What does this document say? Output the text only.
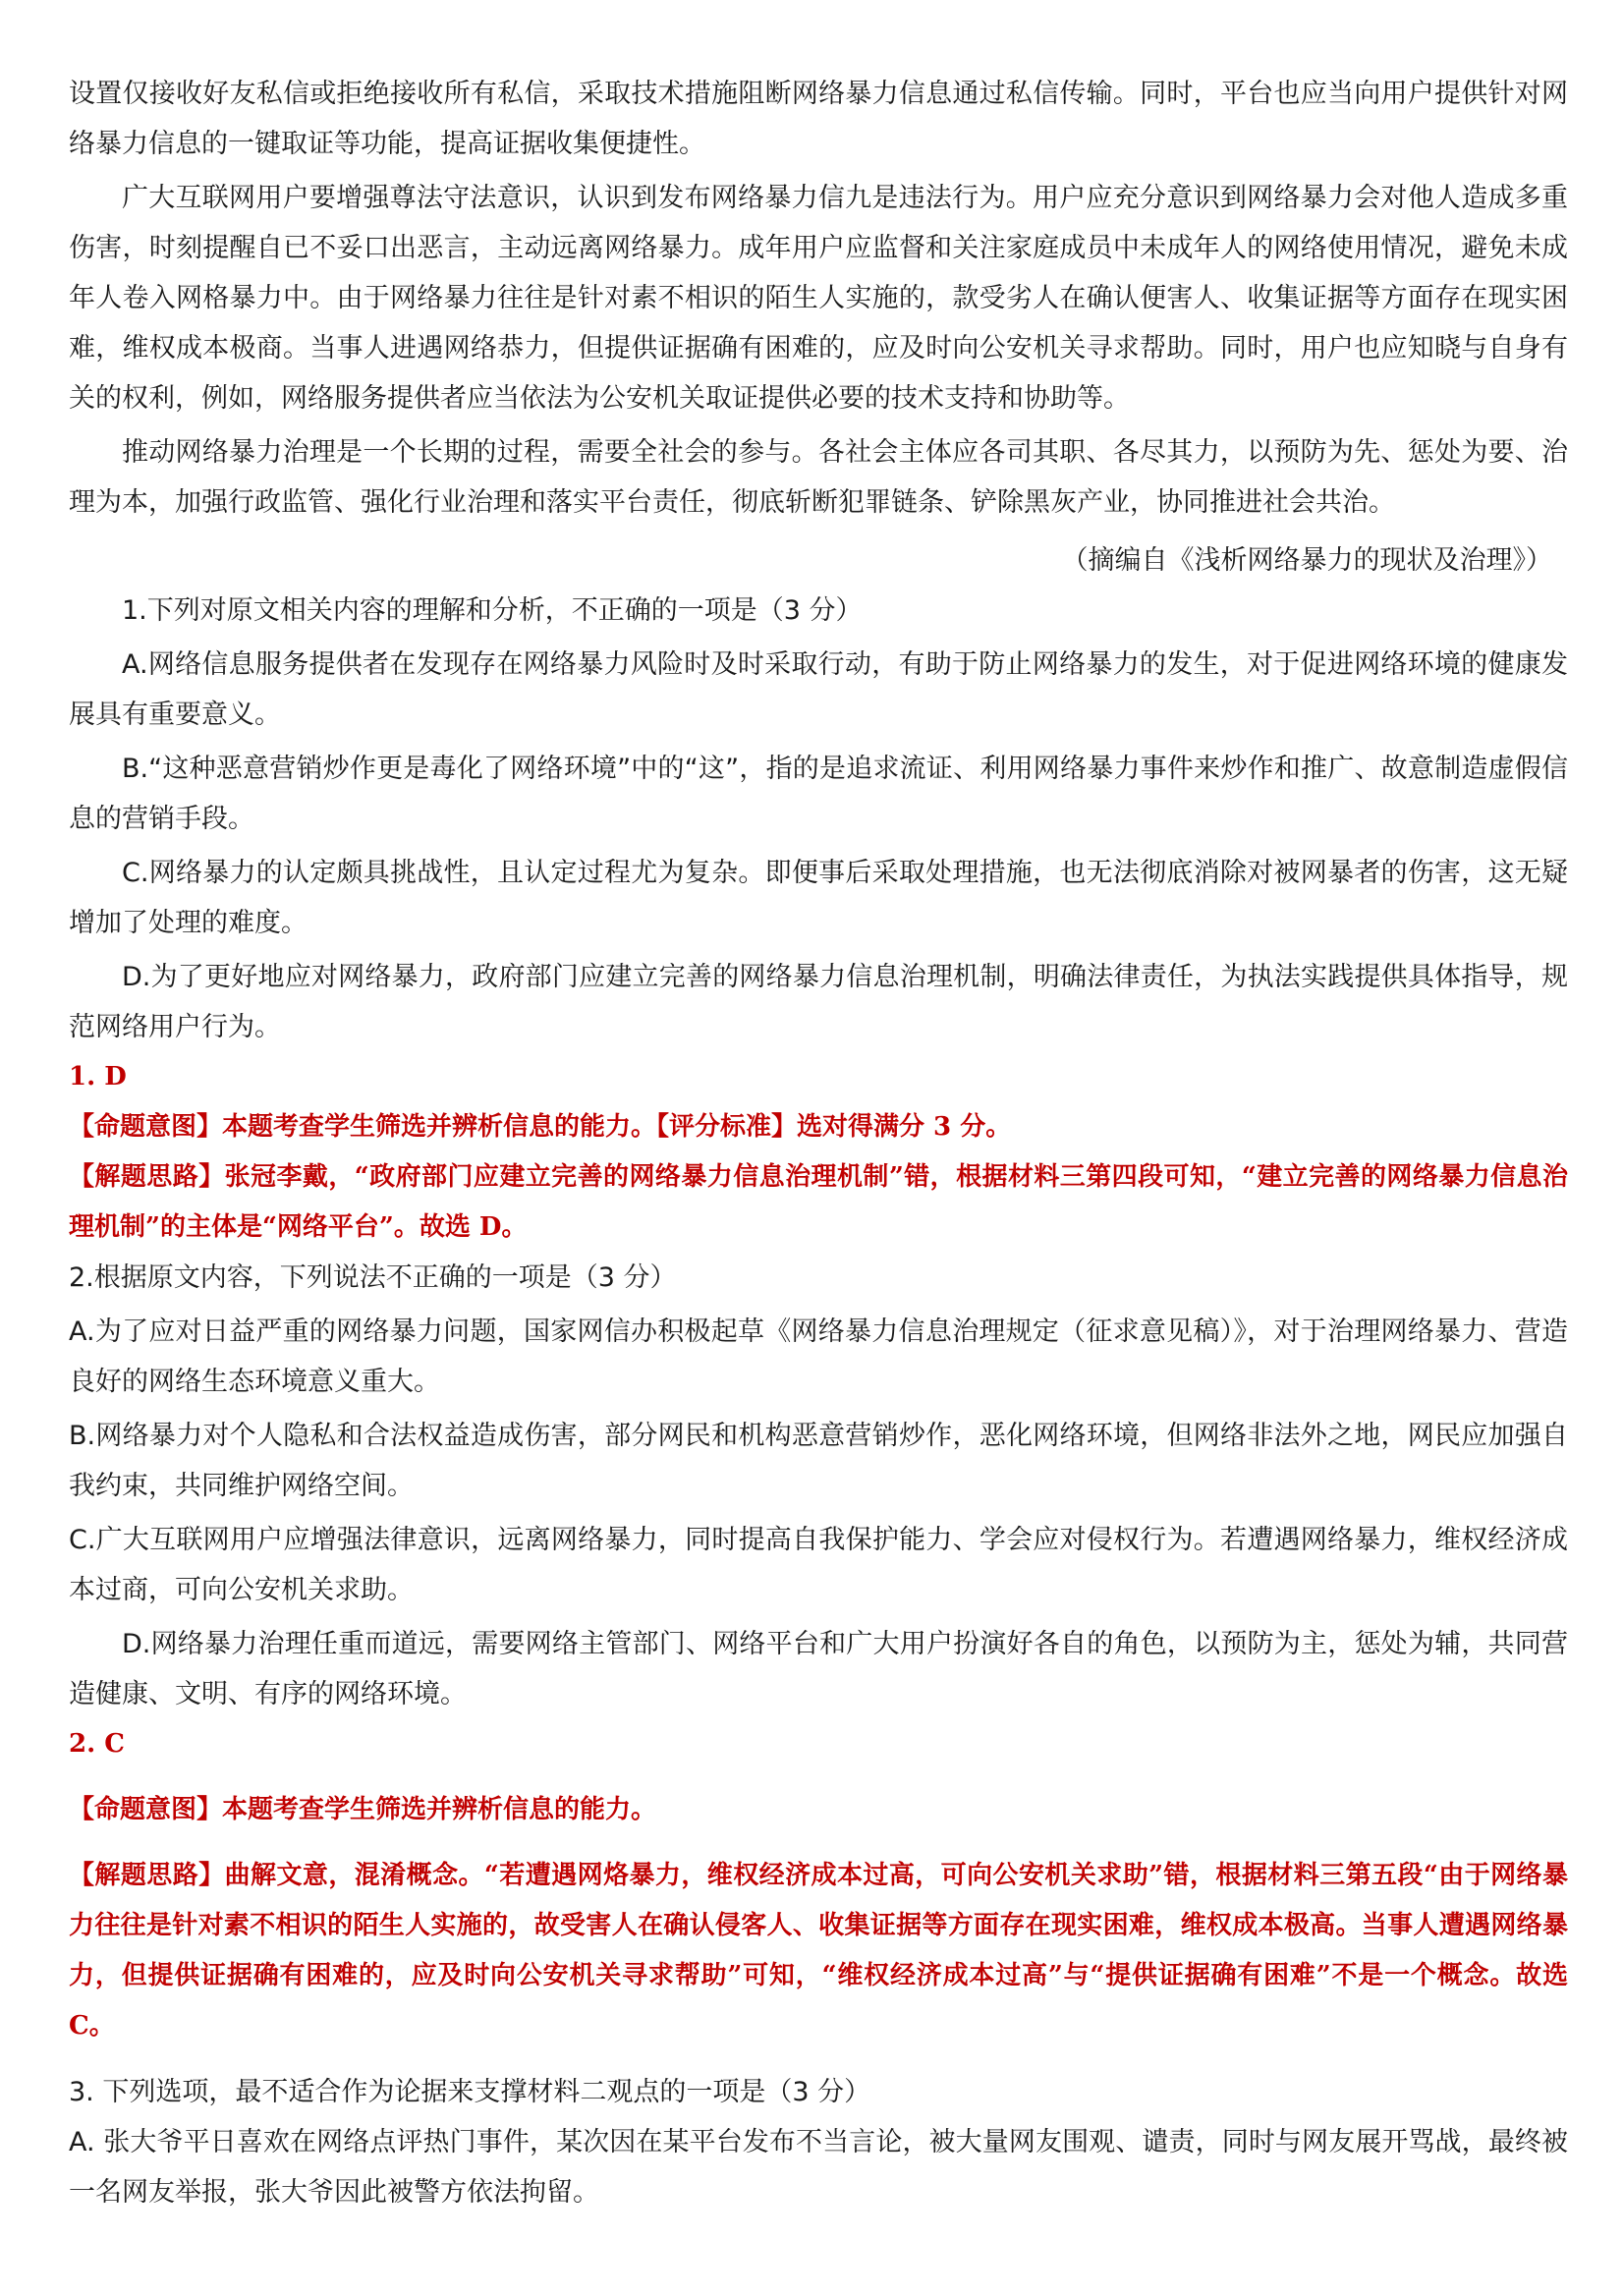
设置仅接收好友私信或拒绝接收所有私信，采取技术措施阻断网络暴力信息通过私信传输。同时，平台也应当向用户提供针对网络暴力信息的一键取证等功能，提高证据收集便捷性。

广大互联网用户要增强尊法守法意识，认识到发布网络暴力信九是违法行为。用户应充分意识到网络暴力会对他人造成多重伤害，时刻提醒自已不妥口出恶言，主动远离网络暴力。成年用户应监督和关注家庭成员中未成年人的网络使用情况，避免未成年人卷入网格暴力中。由于网络暴力往往是针对素不相识的陌生人实施的，款受劣人在确认便害人、收集证据等方面存在现实困难，维权成本极商。当事人进遇网络恭力，但提供证据确有困难的，应及时向公安机关寻求帮助。同时，用户也应知晓与自身有关的权利，例如，网络服务提供者应当依法为公安机关取证提供必要的技术支持和协助等。

推动网络暴力治理是一个长期的过程，需要全社会的参与。各社会主体应各司其职、各尽其力，以预防为先、惩处为要、治理为本，加强行政监管、强化行业治理和落实平台责任，彻底斩断犯罪链条、铲除黑灰产业，协同推进社会共治。

（摘编自《浅析网络暴力的现状及治理》）

1.下列对原文相关内容的理解和分析，不正确的一项是（3 分）

A.网络信息服务提供者在发现存在网络暴力风险时及时采取行动，有助于防止网络暴力的发生，对于促进网络环境的健康发展具有重要意义。

B.“这种恶意营销炒作更是毒化了网络环境”中的“这”，指的是追求流证、利用网络暴力事件来炒作和推广、故意制造虚假信息的营销手段。

C.网络暴力的认定颇具挑战性，且认定过程尤为复杂。即便事后采取处理措施，也无法彻底消除对被网暴者的伤害，这无疑增加了处理的难度。

D.为了更好地应对网络暴力，政府部门应建立完善的网络暴力信息治理机制，明确法律责任，为执法实践提供具体指导，规范网络用户行为。

1. D

【命题意图】本题考查学生筛选并辨析信息的能力。【评分标准】选对得满分 3 分。

【解题思路】张冠李戴，“政府部门应建立完善的网络暴力信息治理机制”错，根据材料三第四段可知，“建立完善的网络暴力信息治理机制”的主体是“网络平台”。故选 D。

2.根据原文内容，下列说法不正确的一项是（3 分）

A.为了应对日益严重的网络暴力问题，国家网信办积极起草《网络暴力信息治理规定（征求意见稿）》，对于治理网络暴力、营造良好的网络生态环境意义重大。

B.网络暴力对个人隐私和合法权益造成伤害，部分网民和机构恶意营销炒作，恶化网络环境，但网络非法外之地，网民应加强自我约束，共同维护网络空间。

C.广大互联网用户应增强法律意识，远离网络暴力，同时提高自我保护能力、学会应对侵权行为。若遭遇网络暴力，维权经济成本过商，可向公安机关求助。

D.网络暴力治理任重而道远，需要网络主管部门、网络平台和广大用户扮演好各自的角色，以预防为主，惩处为辅，共同营造健康、文明、有序的网络环境。

2. C

【命题意图】本题考查学生筛选并辨析信息的能力。

【解题思路】曲解文意，混淆概念。“若遭遇网烙暴力，维权经济成本过高，可向公安机关求助”错，根据材料三第五段“由于网络暴力往往是针对素不相识的陌生人实施的，故受害人在确认侵客人、收集证据等方面存在现实困难，维权成本极高。当事人遭遇网络暴力，但提供证据确有困难的，应及时向公安机关寻求帮助”可知，“维权经济成本过高”与“提供证据确有困难”不是一个概念。故选 C。

3. 下列选项，最不适合作为论据来支撑材料二观点的一项是（3 分）

A. 张大爷平日喜欢在网络点评热门事件，某次因在某平台发布不当言论，被大量网友围观、谴责，同时与网友展开骂战，最终被一名网友举报，张大爷因此被警方依法拘留。
